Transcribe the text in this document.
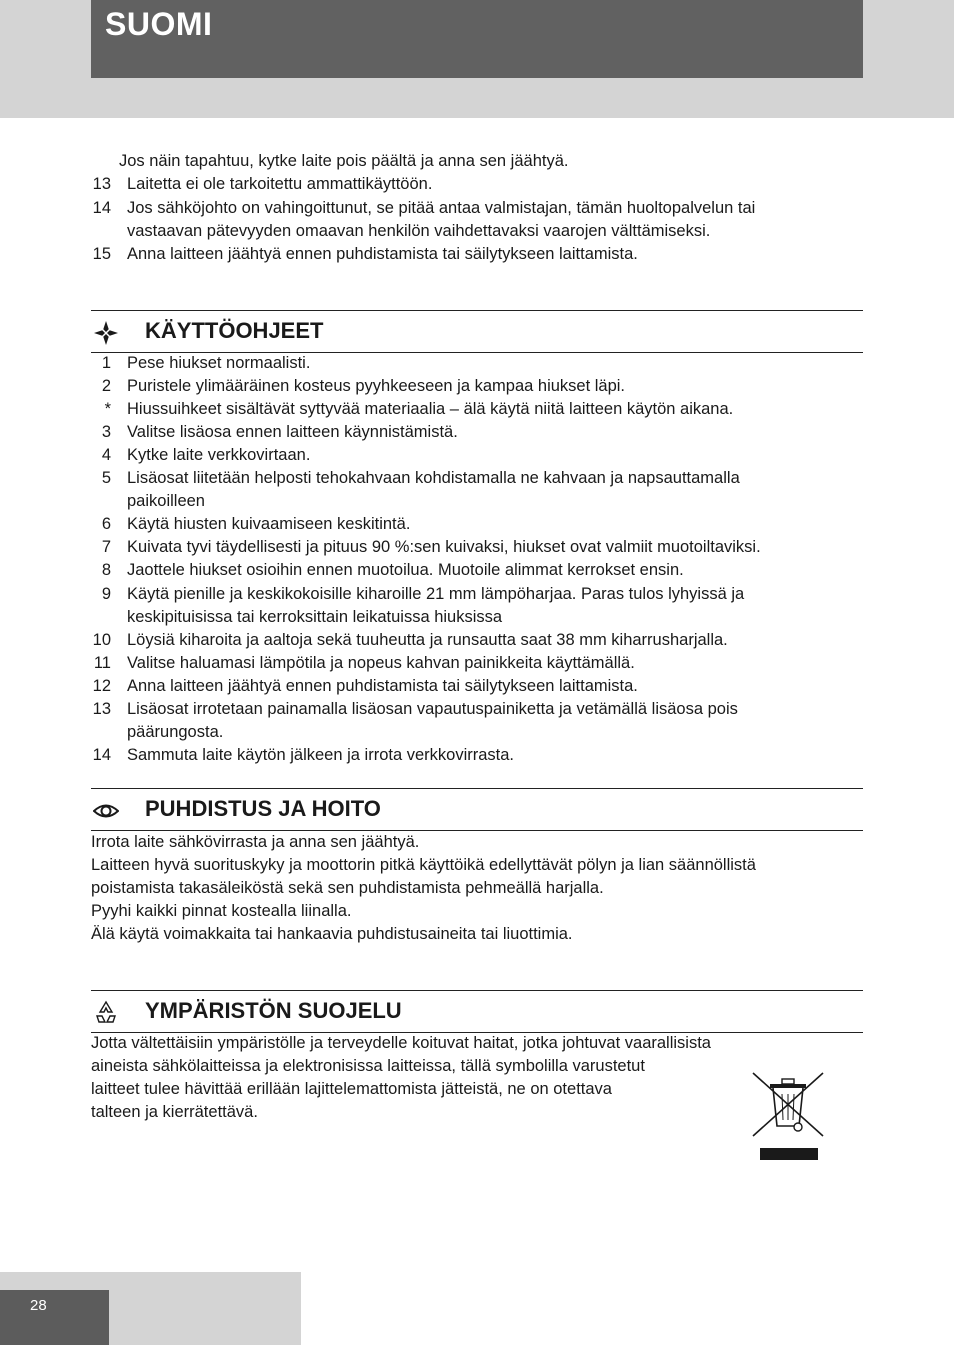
SUOMI
Jos näin tapahtuu, kytke laite pois päältä ja anna sen jäähtyä.
13 Laitetta ei ole tarkoitettu ammattikäyttöön.
14 Jos sähköjohto on vahingoittunut, se pitää antaa valmistajan, tämän huoltopalvelun tai
vastaavan pätevyyden omaavan henkilön vaihdettavaksi vaarojen välttämiseksi.
15 Anna laitteen jäähtyä ennen puhdistamista tai säilytykseen laittamista.
KÄYTTÖOHJEET
1 Pese hiukset normaalisti.
2 Puristele ylimääräinen kosteus pyyhkeeseen ja kampaa hiukset läpi.
* Hiussuihkeet sisältävät syttyvää materiaalia – älä käytä niitä laitteen käytön aikana.
3 Valitse lisäosa ennen laitteen käynnistämistä.
4 Kytke laite verkkovirtaan.
5 Lisäosat liitetään helposti tehokahvaan kohdistamalla ne kahvaan ja napsauttamalla
paikoilleen
6 Käytä hiusten kuivaamiseen keskitintä.
7 Kuivata tyvi täydellisesti ja pituus 90 %:sen kuivaksi, hiukset ovat valmiit muotoiltaviksi.
8 Jaottele hiukset osioihin ennen muotoilua. Muotoile alimmat kerrokset ensin.
9 Käytä pienille ja keskikokoisille kiharoille 21 mm lämpöharjaa. Paras tulos lyhyissä ja
keskipituisissa tai kerroksittain leikatuissa hiuksissa
10 Löysiä kiharoita ja aaltoja sekä tuuheutta ja runsautta saat 38 mm kiharrusharjalla.
11 Valitse haluamasi lämpötila ja nopeus kahvan painikkeita käyttämällä.
12 Anna laitteen jäähtyä ennen puhdistamista tai säilytykseen laittamista.
13 Lisäosat irrotetaan painamalla lisäosan vapautuspainiketta ja vetämällä lisäosa pois
päärungosta.
14 Sammuta laite käytön jälkeen ja irrota verkkovirrasta.
PUHDISTUS JA HOITO
Irrota laite sähkövirrasta ja anna sen jäähtyä.
Laitteen hyvä suorituskyky ja moottorin pitkä käyttöikä edellyttävät pölyn ja lian säännöllistä
poistamista takasäleiköstä sekä sen puhdistamista pehmeällä harjalla.
Pyyhi kaikki pinnat kostealla liinalla.
Älä käytä voimakkaita tai hankaavia puhdistusaineita tai liuottimia.
YMPÄRISTÖN SUOJELU
Jotta vältettäisiin ympäristölle ja terveydelle koituvat haitat, jotka johtuvat vaarallisista
aineista sähkölaitteissa ja elektronisissa laitteissa, tällä symbolilla varustetut
laitteet tulee hävittää erillään lajittelemattomista jätteistä, ne on otettava
talteen ja kierrätettävä.
28
